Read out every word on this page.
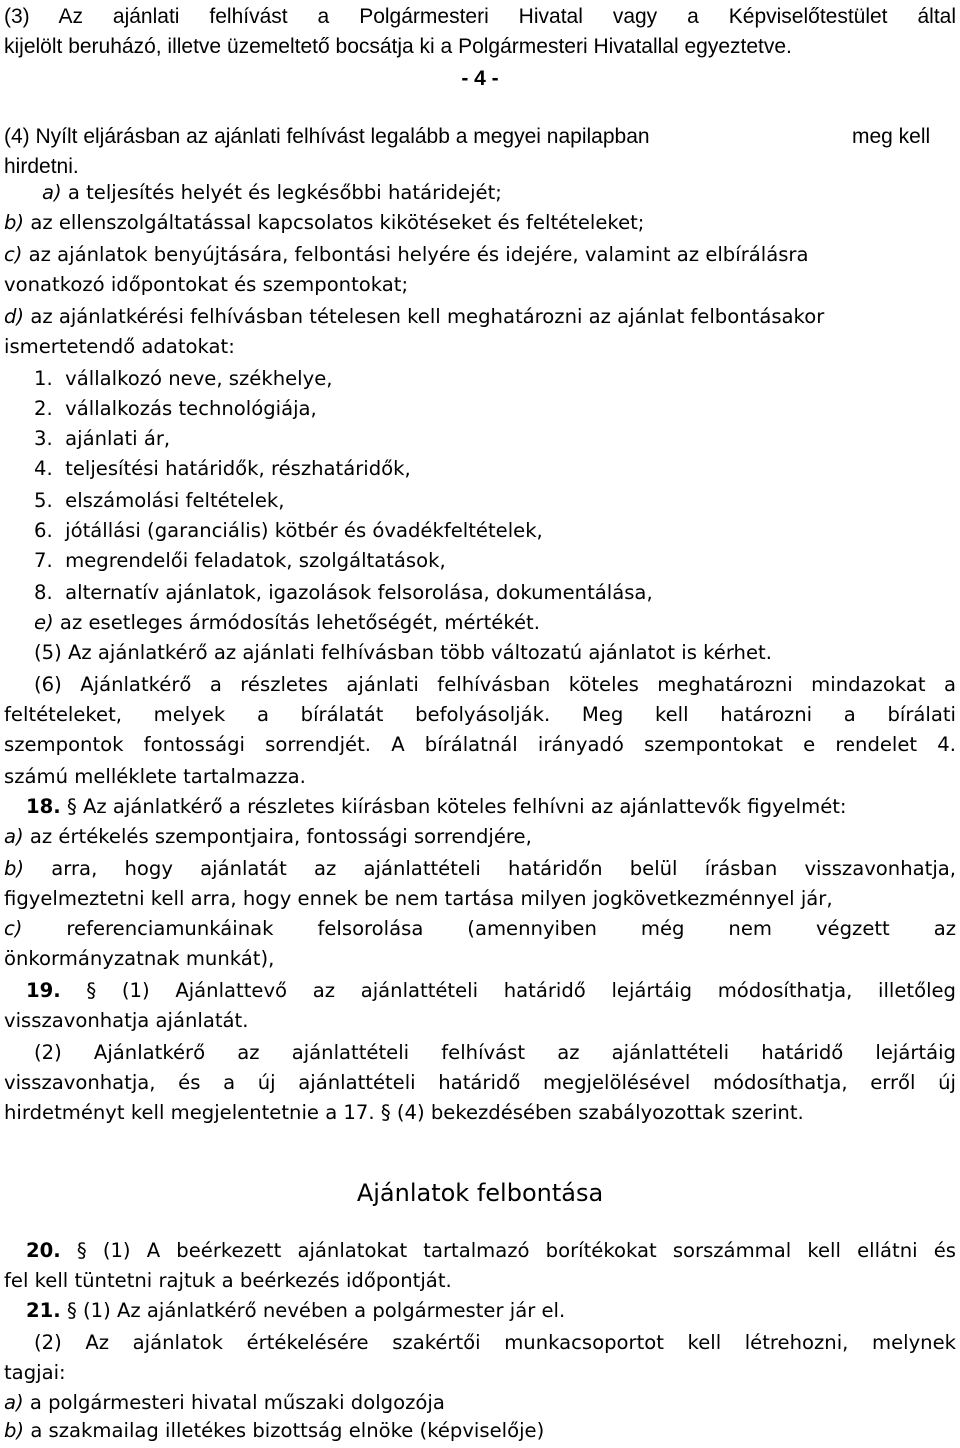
(3) Az ajánlati felhívást a Polgármesteri Hivatal vagy a Képviselőtestület által

kijelölt beruházó, illetve üzemeltető bocsátja ki a Polgármesteri Hivatallal egyeztetve.

- 4 -

(4) Nyílt eljárásban az ajánlati felhívást legalább a megyei napilapban	meg kell

hirdetni.

a) a teljesítés helyét és legkésőbbi határidejét;

b) az ellenszolgáltatással kapcsolatos kikötéseket és feltételeket;

c) az ajánlatok benyújtására, felbontási helyére és idejére, valamint az elbírálásra

vonatkozó időpontokat és szempontokat;

d) az ajánlatkérési felhívásban tételesen kell meghatározni az ajánlat felbontásakor

ismertetendő adatokat:

1.  vállalkozó neve, székhelye,

2.  vállalkozás technológiája,

3.  ajánlati ár,

4.  teljesítési határidők, részhatáridők,

5.  elszámolási feltételek,

6.  jótállási (garanciális) kötbér és óvadékfeltételek,

7.  megrendelői feladatok, szolgáltatások,

8.  alternatív ajánlatok, igazolások felsorolása, dokumentálása,

e) az esetleges ármódosítás lehetőségét, mértékét.

(5) Az ajánlatkérő az ajánlati felhívásban több változatú ajánlatot is kérhet.

(6) Ajánlatkérő a részletes ajánlati felhívásban köteles meghatározni mindazokat a

feltételeket, melyek a bírálatát befolyásolják. Meg kell határozni a bírálati

szempontok fontossági sorrendjét. A bírálatnál irányadó szempontokat e rendelet 4.

számú melléklete tartalmazza.

18. § Az ajánlatkérő a részletes kiírásban köteles felhívni az ajánlattevők figyelmét:

a) az értékelés szempontjaira, fontossági sorrendjére,

b) arra, hogy ajánlatát az ajánlattételi határidőn belül írásban visszavonhatja,

figyelmeztetni kell arra, hogy ennek be nem tartása milyen jogkövetkezménnyel jár,

c) referenciamunkáinak felsorolása (amennyiben még nem végzett az

önkormányzatnak munkát),

19. § (1) Ajánlattevő az ajánlattételi határidő lejártáig módosíthatja, illetőleg

visszavonhatja ajánlatát.

(2) Ajánlatkérő az ajánlattételi felhívást az ajánlattételi határidő lejártáig

visszavonhatja, és a új ajánlattételi határidő megjelölésével módosíthatja, erről új

hirdetményt kell megjelentetnie a 17. § (4) bekezdésében szabályozottak szerint.

Ajánlatok felbontása

20. § (1) A beérkezett ajánlatokat tartalmazó borítékokat sorszámmal kell ellátni és

fel kell tüntetni rajtuk a beérkezés időpontját.

21. § (1) Az ajánlatkérő nevében a polgármester jár el.

(2) Az ajánlatok értékelésére szakértői munkacsoportot kell létrehozni, melynek

tagjai:

a) a polgármesteri hivatal műszaki dolgozója

b) a szakmailag illetékes bizottság elnöke (képviselője)
